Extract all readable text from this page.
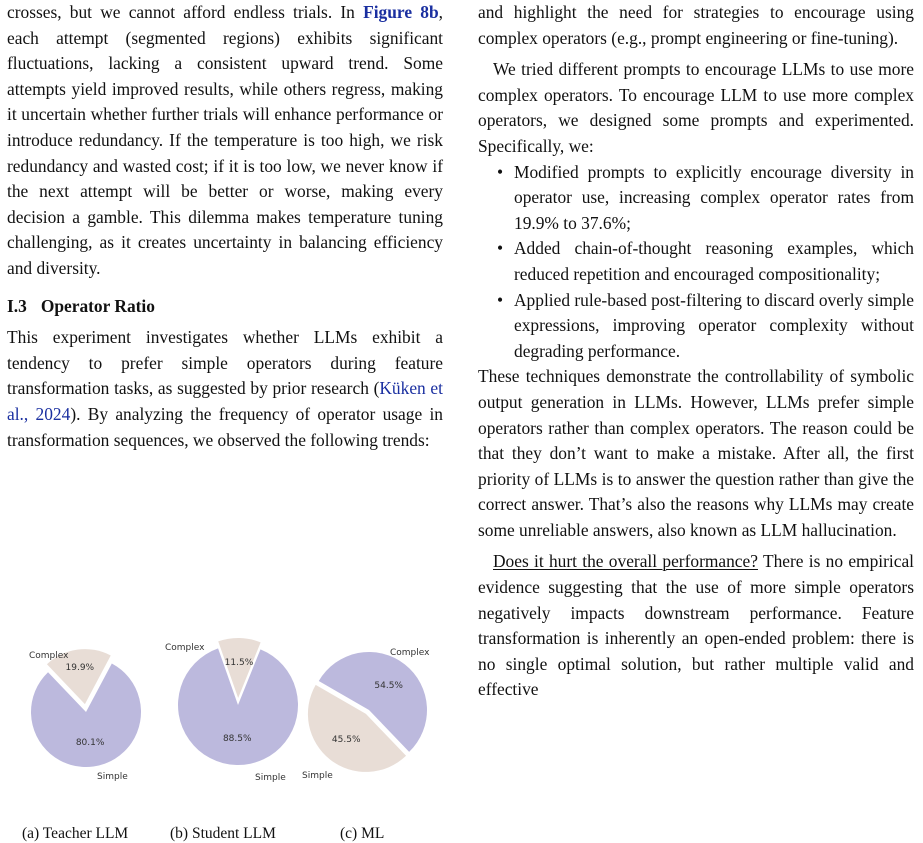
crosses, but we cannot afford endless trials. In Figure 8b, each attempt (segmented regions) exhibits significant fluctuations, lacking a consistent upward trend. Some attempts yield improved results, while others regress, making it uncertain whether further trials will enhance performance or introduce redundancy. If the temperature is too high, we risk redundancy and wasted cost; if it is too low, we never know if the next attempt will be better or worse, making every decision a gamble. This dilemma makes temperature tuning challenging, as it creates uncertainty in balancing efficiency and diversity.

I.3 Operator Ratio

This experiment investigates whether LLMs exhibit a tendency to prefer simple operators during feature transformation tasks, as suggested by prior research (Küken et al., 2024). By analyzing the frequency of operator usage in transformation sequences, we observed the following trends:

and highlight the need for strategies to encourage using complex operators (e.g., prompt engineering or fine-tuning).

We tried different prompts to encourage LLMs to use more complex operators. To encourage LLM to use more complex operators, we designed some prompts and experimented. Specifically, we:

• Modified prompts to explicitly encourage diversity in operator use, increasing complex operator rates from 19.9% to 37.6%;
• Added chain-of-thought reasoning examples, which reduced repetition and encouraged compositionality;
• Applied rule-based post-filtering to discard overly simple expressions, improving operator complexity without degrading performance.

These techniques demonstrate the controllability of symbolic output generation in LLMs. However, LLMs prefer simple operators rather than complex operators. The reason could be that they don’t want to make a mistake. After all, the first priority of LLMs is to answer the question rather than give the correct answer. That’s also the reasons why LLMs may create some unreliable answers, also known as LLM hallucination.

Does it hurt the overall performance? There is no empirical evidence suggesting that the use of more simple operators negatively impacts downstream performance. Feature transformation is inherently an open-ended problem: there is no single optimal solution, but rather multiple valid and effective

19.9%
Complex
80.1%
Simple
11.5%
Complex
88.5%
Simple
45.5%
Complex
54.5%
Simple
(a) Teacher LLM	(b) Student LLM	(c) ML
